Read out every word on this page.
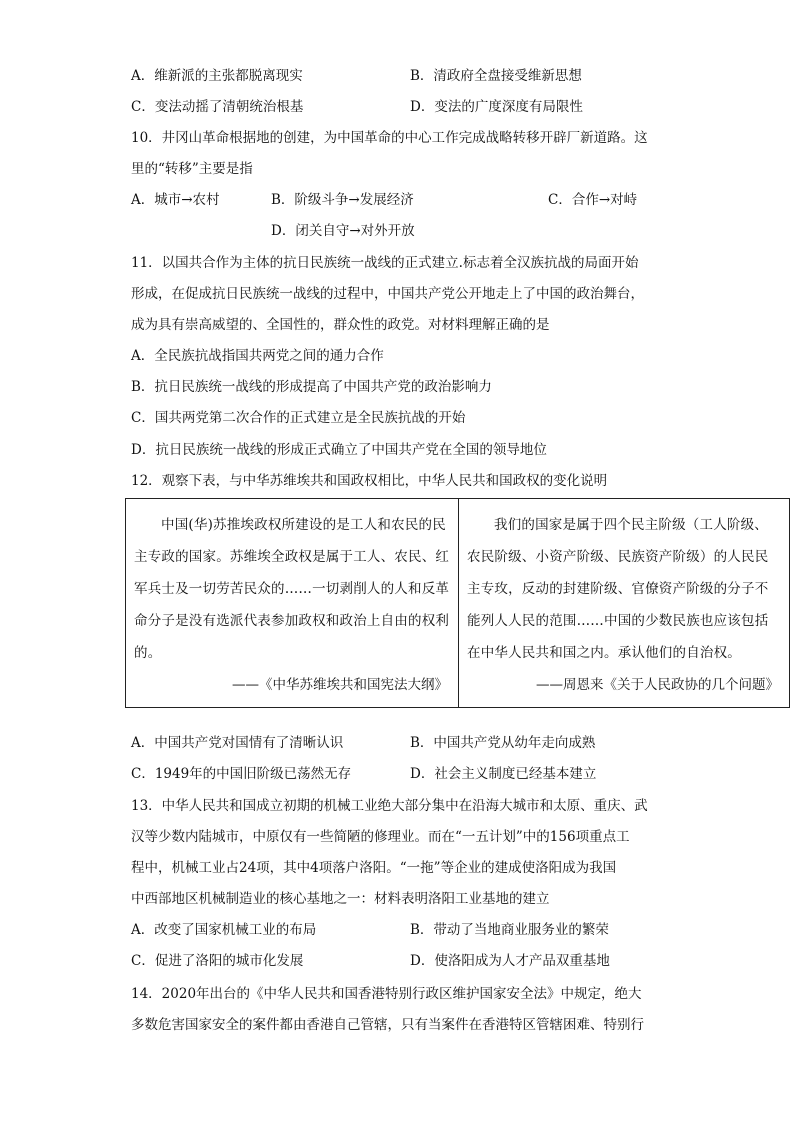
A．维新派的主张都脱离现实	B．清政府全盘接受维新思想
C．变法动摇了清朝统治根基	D．变法的广度深度有局限性
10．井冈山革命根据地的创建，为中国革命的中心工作完成战略转移开辟厂新道路。这
里的“转移”主要是指
A．城市→农村	B．阶级斗争→发展经济	C．合作→对峙
D．闭关自守→对外开放
11．以国共合作为主体的抗日民族统一战线的正式建立.标志着全汉族抗战的局面开始
形成，在促成抗日民族统一战线的过程中，中国共产党公开地走上了中国的政治舞台，
成为具有崇高威望的、全国性的，群众性的政党。对材料理解正确的是
A．全民族抗战指国共两党之间的通力合作
B．抗日民族统一战线的形成提高了中国共产党的政治影响力
C．国共两党第二次合作的正式建立是全民族抗战的开始
D．抗日民族统一战线的形成正式确立了中国共产党在全国的领导地位
12．观察下表，与中华苏维埃共和国政权相比，中华人民共和国政权的变化说明
中国(华)苏推埃政权所建设的是工人和农民的民主专政的国家。苏维埃全政权是属于工人、农民、红军兵士及一切劳苦民众的……一切剥削人的人和反革命分子是没有选派代表参加政权和政治上自由的权利的。
——《中华苏维埃共和国宪法大纲》

我们的国家是属于四个民主阶级（工人阶级、农民阶级、小资产阶级、民族资产阶级）的人民民主专玫，反动的封建阶级、官僚资产阶级的分子不能列人人民的范围……中国的少数民族也应该包括在中华人民共和国之内。承认他们的自治权。
——周恩来《关于人民政协的几个问题》
A．中国共产党对国情有了清晰认识	B．中国共产党从幼年走向成熟
C．1949年的中国旧阶级已荡然无存	D．社会主义制度已经基本建立
13．中华人民共和国成立初期的机械工业绝大部分集中在沿海大城市和太原、重庆、武
汉等少数内陆城市，中原仅有一些简陋的修理业。而在“一五计划”中的156项重点工
程中，机械工业占24项，其中4项落户洛阳。“一拖”等企业的建成使洛阳成为我国
中西部地区机械制造业的核心基地之一：材料表明洛阳工业基地的建立
A．改变了国家机械工业的布局	B．带动了当地商业服务业的繁荣
C．促进了洛阳的城市化发展	D．使洛阳成为人才产品双重基地
14．2020年出台的《中华人民共和国香港特别行政区维护国家安全法》中规定，绝大
多数危害国家安全的案件都由香港自己管辖，只有当案件在香港特区管辖困难、特别行
